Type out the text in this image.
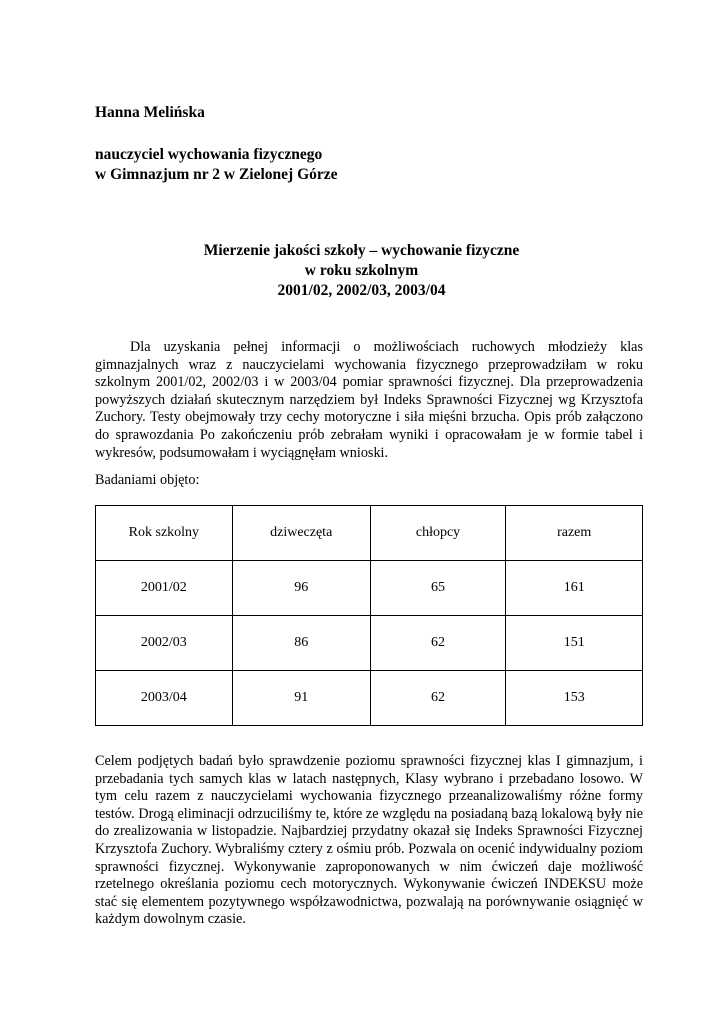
Hanna Melińska
nauczyciel wychowania fizycznego
w Gimnazjum nr 2 w Zielonej Górze
Mierzenie jakości szkoły – wychowanie fizyczne
w roku szkolnym
2001/02, 2002/03, 2003/04
Dla uzyskania pełnej informacji o możliwościach ruchowych młodzieży klas gimnazjalnych wraz z nauczycielami wychowania fizycznego przeprowadziłam w roku szkolnym 2001/02, 2002/03 i w 2003/04 pomiar sprawności fizycznej. Dla przeprowadzenia powyższych działań skutecznym narzędziem był Indeks Sprawności Fizycznej wg Krzysztofa Zuchory. Testy obejmowały trzy cechy motoryczne i siła mięśni brzucha. Opis prób załączono do sprawozdania Po zakończeniu prób zebrałam wyniki i opracowałam je w formie tabel i wykresów, podsumowałam i wyciągnęłam wnioski.
Badaniami objęto:
Rok szkolny	dziweczęta	chłopcy	razem
2001/02	96	65	161
2002/03	86	62	151
2003/04	91	62	153
Celem podjętych badań było sprawdzenie poziomu sprawności fizycznej klas I gimnazjum, i przebadania tych samych klas w latach następnych, Klasy wybrano i przebadano losowo. W tym celu razem z nauczycielami wychowania fizycznego przeanalizowaliśmy różne formy testów. Drogą eliminacji odrzuciliśmy te, które ze względu na posiadaną bazą lokalową były nie do zrealizowania w listopadzie. Najbardziej przydatny okazał się Indeks Sprawności Fizycznej Krzysztofa Zuchory. Wybraliśmy cztery z ośmiu prób. Pozwala on ocenić indywidualny poziom sprawności fizycznej. Wykonywanie zaproponowanych w nim ćwiczeń daje możliwość rzetelnego określania poziomu cech motorycznych. Wykonywanie ćwiczeń INDEKSU może stać się elementem pozytywnego współzawodnictwa, pozwalają na porównywanie osiągnięć w każdym dowolnym czasie.
